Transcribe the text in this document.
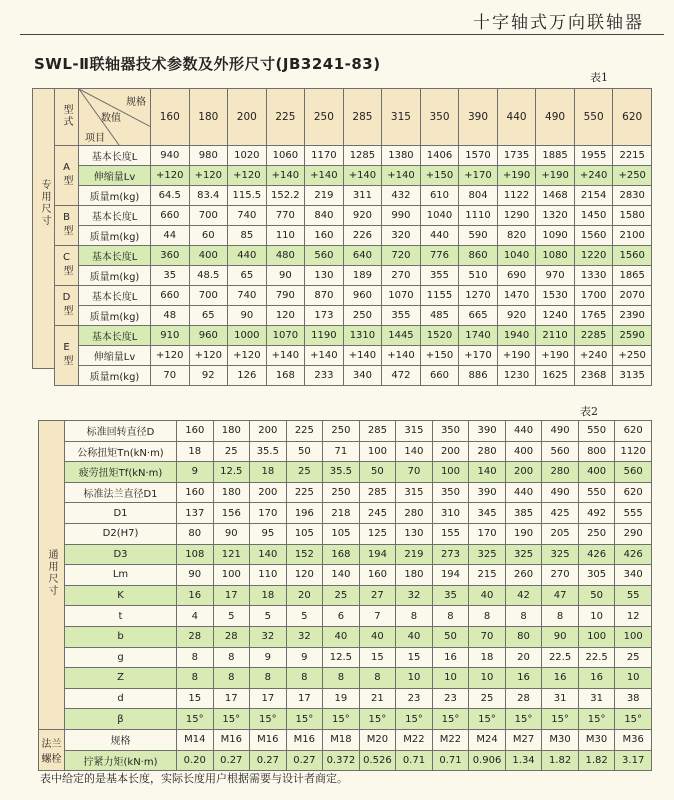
十字轴式万向联轴器
SWL-Ⅱ联轴器技术参数及外形尺寸(JB3241-83)
表1
表2
专用尺寸
型式	规格
数值
项目	160	180	200	225	250	285	315	350	390	440	490	550	620
A型	基本长度L	940	980	1020	1060	1170	1285	1380	1406	1570	1735	1885	1955	2215
	伸缩量Lv	+120	+120	+120	+140	+140	+140	+140	+150	+170	+190	+190	+240	+250
	质量m(kg)	64.5	83.4	115.5	152.2	219	311	432	610	804	1122	1468	2154	2830
B型	基本长度L	660	700	740	770	840	920	990	1040	1110	1290	1320	1450	1580
	质量m(kg)	44	60	85	110	160	226	320	440	590	820	1090	1560	2100
C型	基本长度L	360	400	440	480	560	640	720	776	860	1040	1080	1220	1560
	质量m(kg)	35	48.5	65	90	130	189	270	355	510	690	970	1330	1865
D型	基本长度L	660	700	740	790	870	960	1070	1155	1270	1470	1530	1700	2070
	质量m(kg)	48	65	90	120	173	250	355	485	665	920	1240	1765	2390
E型	基本长度L	910	960	1000	1070	1190	1310	1445	1520	1740	1940	2110	2285	2590
	伸缩量Lv	+120	+120	+120	+140	+140	+140	+140	+150	+170	+190	+190	+240	+250
	质量m(kg)	70	92	126	168	233	340	472	660	886	1230	1625	2368	3135
通用尺寸	标准回转直径D	160	180	200	225	250	285	315	350	390	440	490	550	620
	公称扭矩Tn(kN·m)	18	25	35.5	50	71	100	140	200	280	400	560	800	1120
	疲劳扭矩Tf(kN·m)	9	12.5	18	25	35.5	50	70	100	140	200	280	400	560
	标准法兰直径D1	160	180	200	225	250	285	315	350	390	440	490	550	620
	D1	137	156	170	196	218	245	280	310	345	385	425	492	555
	D2(H7)	80	90	95	105	105	125	130	155	170	190	205	250	290
	D3	108	121	140	152	168	194	219	273	325	325	325	426	426
	Lm	90	100	110	120	140	160	180	194	215	260	270	305	340
	K	16	17	18	20	25	27	32	35	40	42	47	50	55
	t	4	5	5	5	6	7	8	8	8	8	8	10	12
	b	28	28	32	32	40	40	40	50	70	80	90	100	100
	g	8	8	9	9	12.5	15	15	16	18	20	22.5	22.5	25
	Z	8	8	8	8	8	8	10	10	10	16	16	16	10
	d	15	17	17	17	19	21	23	23	25	28	31	31	38
	β	15°	15°	15°	15°	15°	15°	15°	15°	15°	15°	15°	15°	15°

法兰螺栓	规格	M14	M16	M16	M16	M18	M20	M22	M22	M24	M27	M30	M30	M36
	拧紧力矩(kN·m)	0.20	0.27	0.27	0.27	0.372	0.526	0.71	0.71	0.906	1.34	1.82	1.82	3.17
表中给定的是基本长度，实际长度用户根据需要与设计者商定。
